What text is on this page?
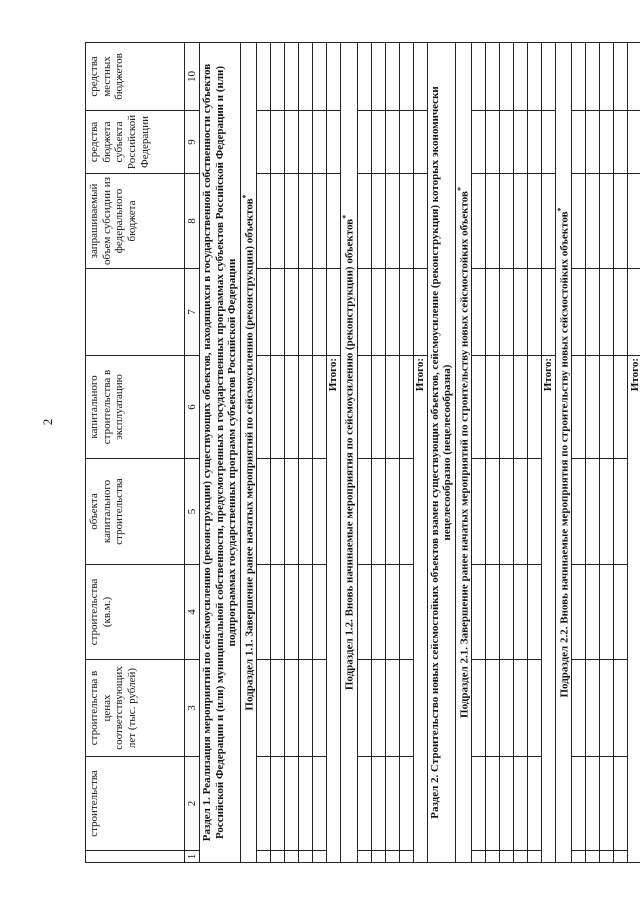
2
	строительства	строительства в ценах соответствующих лет (тыс. рублей)	строительства (кв.м.)	объекта капитального строительства	капитального строительства в эксплуатацию		запрашиваемый объем субсидии из федерального бюджета	средства бюджета субъекта Российской Федерации	средства местных бюджетов
1	2	3	4	5	6	7	8	9	10
Раздел 1. Реализация мероприятий по сейсмоусилению (реконструкции) существующих объектов, находящихся в государственной собственности субъектов Российской Федерации и (или) муниципальной собственности, предусмотренных в государственных программах субъектов Российской Федерации и (или) подпрограммах государственных программ субъектов Российской Федерации									
Подраздел 1.1. Завершение ранее начатых мероприятий по сейсмоусилению (реконструкции) объектов*

Итого:									
Подраздел 1.2. Вновь начинаемые мероприятия по сейсмоусилению (реконструкции) объектов*

Итого:									
Раздел 2. Строительство новых сейсмостойких объектов взамен существующих объектов, сейсмоусиление (реконструкция) которых экономически нецелесообразно (нецелесообразна)									
Подраздел 2.1. Завершение ранее начатых мероприятий по строительству новых сейсмостойких объектов*

Итого:									
Подраздел 2.2. Вновь начинаемые мероприятия по строительству новых сейсмостойких объектов*

Итого:									
